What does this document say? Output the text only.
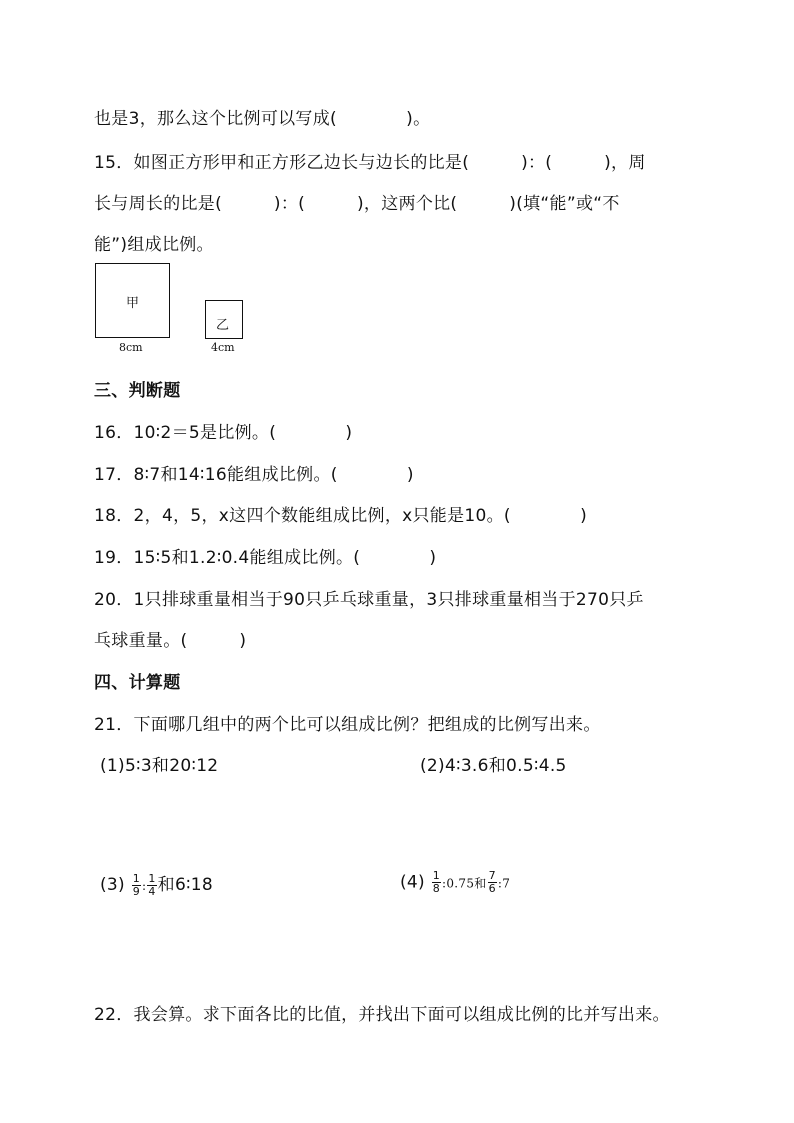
也是3，那么这个比例可以写成(　　　　)。
15．如图正方形甲和正方形乙边长与边长的比是(　　　)：(　　　)，周
长与周长的比是(　　　)：(　　　)，这两个比(　　　)(填“能”或“不
能”)组成比例。
甲
8cm
乙
4cm
三、判断题
16．10∶2＝5是比例。(　　　　)
17．8∶7和14∶16能组成比例。(　　　　)
18．2，4，5，x这四个数能组成比例，x只能是10。(　　　　)
19．15∶5和1.2∶0.4能组成比例。(　　　　)
20．1只排球重量相当于90只乒乓球重量，3只排球重量相当于270只乒
乓球重量。(　　　)
四、计算题
21．下面哪几组中的两个比可以组成比例？把组成的比例写出来。
(1)5∶3和20∶12	(2)4∶3.6和0.5∶4.5
$(3) \frac{1}{9}$ : $\frac{1}{4}$ 和6∶18	$(4) \frac{1}{8}$ :0.75和 $\frac{7}{6}$ :7
22．我会算。求下面各比的比值，并找出下面可以组成比例的比并写出来。
